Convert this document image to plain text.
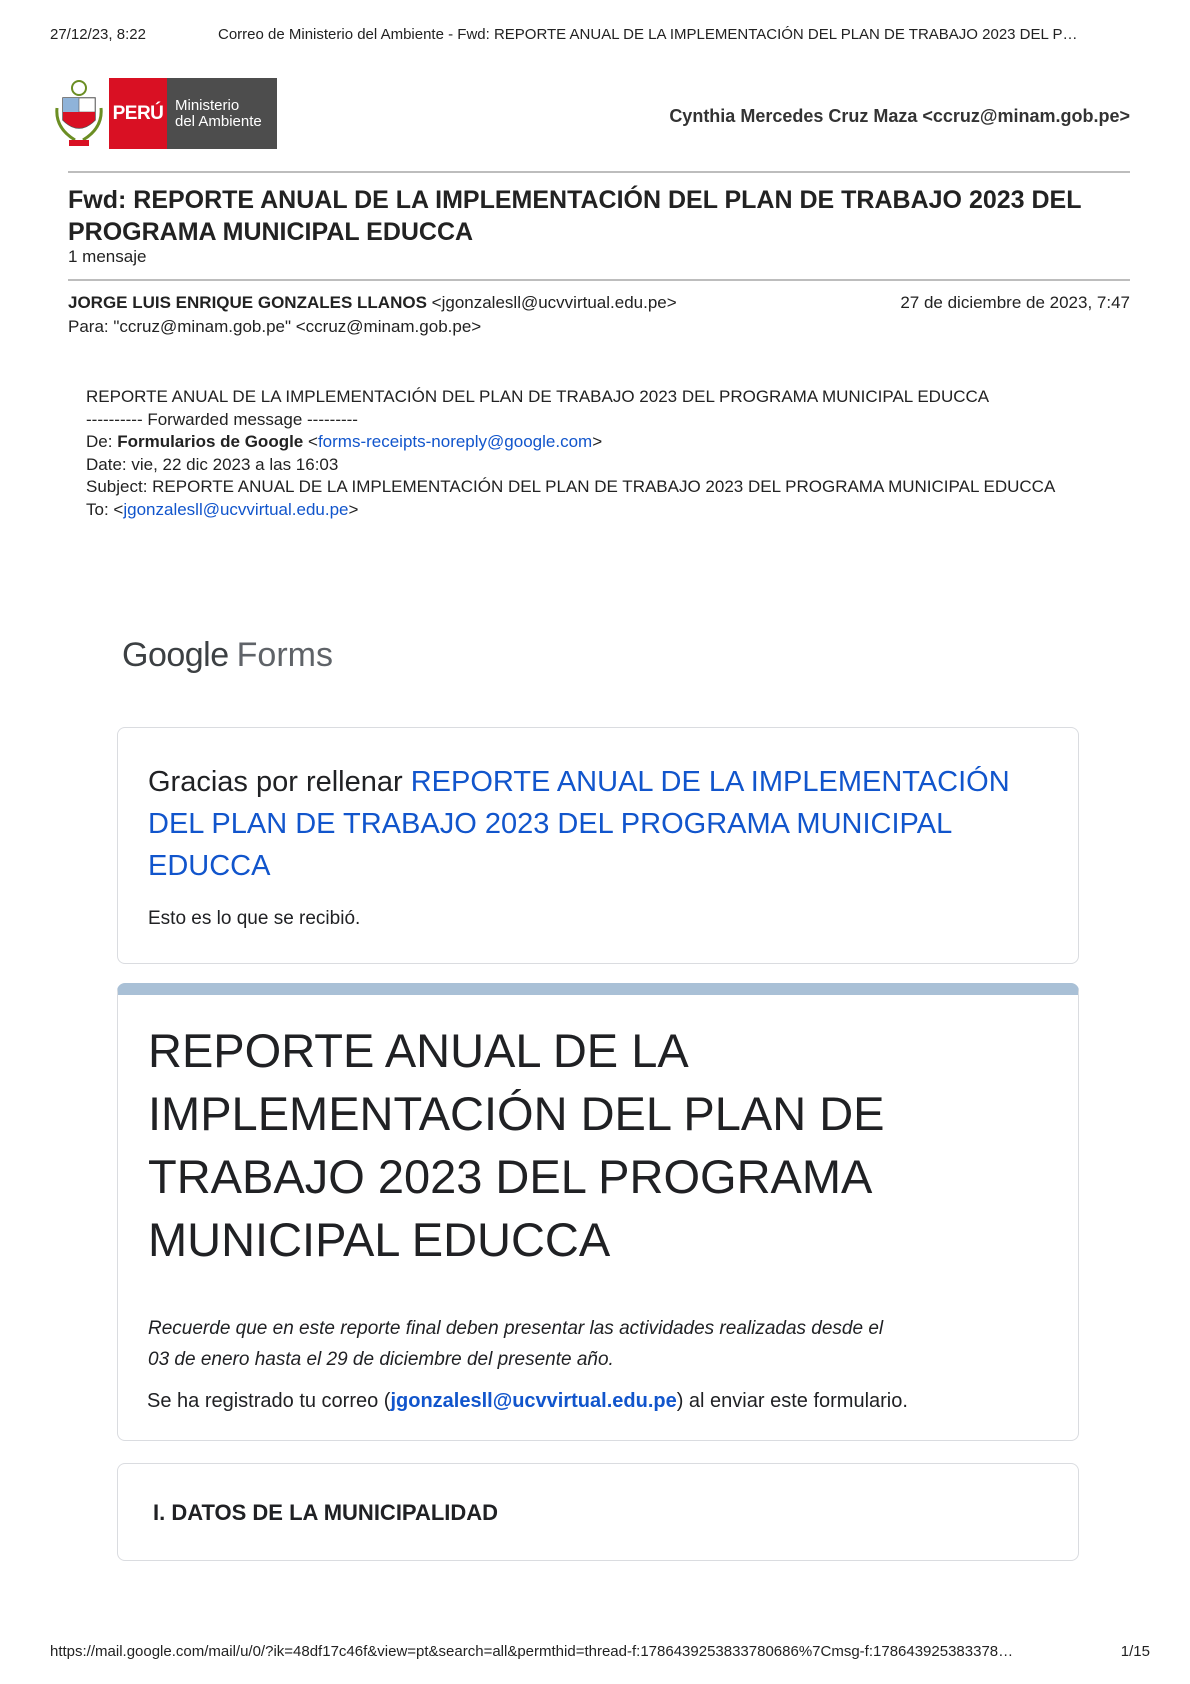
27/12/23, 8:22	Correo de Ministerio del Ambiente - Fwd: REPORTE ANUAL DE LA IMPLEMENTACIÓN DEL PLAN DE TRABAJO 2023 DEL P…
PERÚ Ministerio
del Ambiente	Cynthia Mercedes Cruz Maza <ccruz@minam.gob.pe>
Fwd: REPORTE ANUAL DE LA IMPLEMENTACIÓN DEL PLAN DE TRABAJO 2023 DEL PROGRAMA MUNICIPAL EDUCCA
1 mensaje
JORGE LUIS ENRIQUE GONZALES LLANOS <jgonzalesll@ucvvirtual.edu.pe>	27 de diciembre de 2023, 7:47
Para: "ccruz@minam.gob.pe" <ccruz@minam.gob.pe>
REPORTE ANUAL DE LA IMPLEMENTACIÓN DEL PLAN DE TRABAJO 2023 DEL PROGRAMA MUNICIPAL EDUCCA
---------- Forwarded message ---------
De: Formularios de Google <forms-receipts-noreply@google.com>
Date: vie, 22 dic 2023 a las 16:03
Subject: REPORTE ANUAL DE LA IMPLEMENTACIÓN DEL PLAN DE TRABAJO 2023 DEL PROGRAMA MUNICIPAL EDUCCA
To: <jgonzalesll@ucvvirtual.edu.pe>
Google Forms
Gracias por rellenar REPORTE ANUAL DE LA IMPLEMENTACIÓN DEL PLAN DE TRABAJO 2023 DEL PROGRAMA MUNICIPAL EDUCCA
Esto es lo que se recibió.
REPORTE ANUAL DE LA IMPLEMENTACIÓN DEL PLAN DE TRABAJO 2023 DEL PROGRAMA MUNICIPAL EDUCCA
Recuerde que en este reporte final deben presentar las actividades realizadas desde el 03 de enero hasta el 29 de diciembre del presente año.
Se ha registrado tu correo (jgonzalesll@ucvvirtual.edu.pe) al enviar este formulario.
I. DATOS DE LA MUNICIPALIDAD
https://mail.google.com/mail/u/0/?ik=48df17c46f&view=pt&search=all&permthid=thread-f:1786439253833780686%7Cmsg-f:178643925383378…	1/15
